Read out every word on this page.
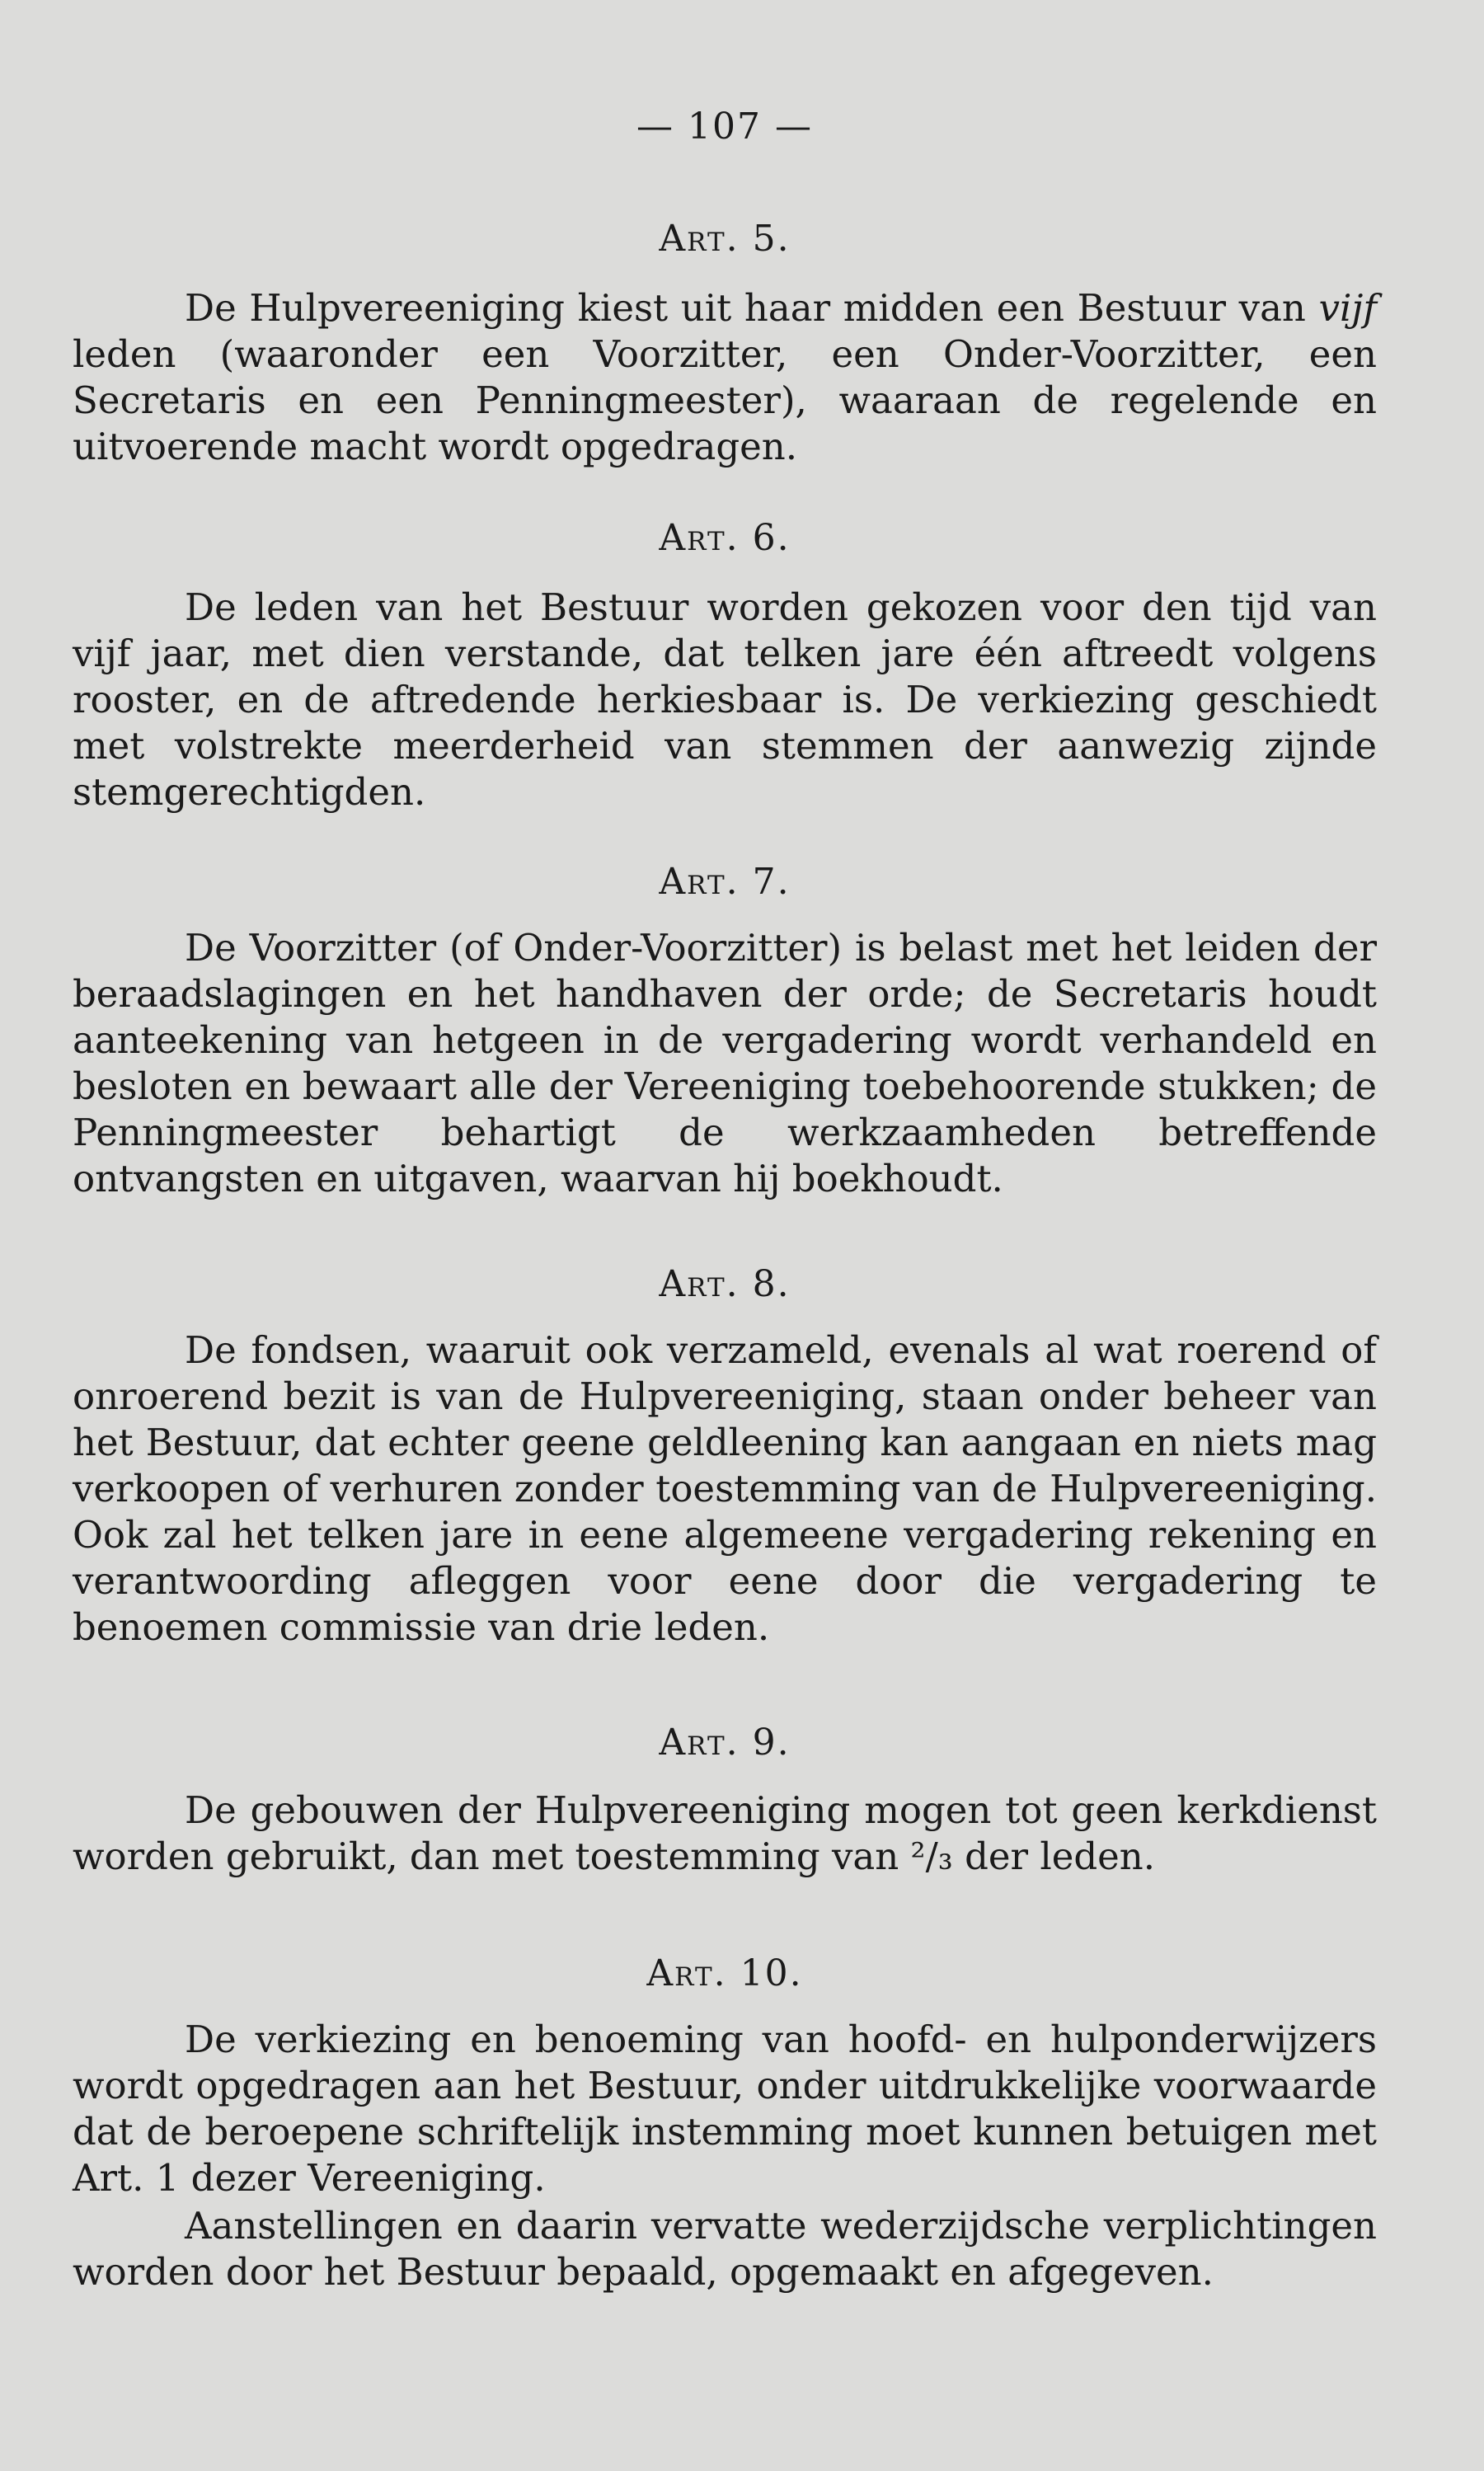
— 107 —

Art. 5.

De Hulpvereeniging kiest uit haar midden een Bestuur van vijf leden (waaronder een Voorzitter, een Onder-Voorzitter, een Secretaris en een Penningmeester), waaraan de regelende en uitvoerende macht wordt opgedragen.

Art. 6.

De leden van het Bestuur worden gekozen voor den tijd van vijf jaar, met dien verstande, dat telken jare één aftreedt volgens rooster, en de aftredende herkiesbaar is. De verkiezing geschiedt met volstrekte meerderheid van stemmen der aanwezig zijnde stemgerechtigden.

Art. 7.

De Voorzitter (of Onder-Voorzitter) is belast met het leiden der beraadslagingen en het handhaven der orde; de Secretaris houdt aanteekening van hetgeen in de vergadering wordt verhandeld en besloten en bewaart alle der Vereeniging toebehoorende stukken; de Penningmeester behartigt de werkzaamheden betreffende ontvangsten en uitgaven, waarvan hij boekhoudt.

Art. 8.

De fondsen, waaruit ook verzameld, evenals al wat roerend of onroerend bezit is van de Hulpvereeniging, staan onder beheer van het Bestuur, dat echter geene geldleening kan aangaan en niets mag verkoopen of verhuren zonder toestemming van de Hulpvereeniging. Ook zal het telken jare in eene algemeene vergadering rekening en verantwoording afleggen voor eene door die vergadering te benoemen commissie van drie leden.

Art. 9.

De gebouwen der Hulpvereeniging mogen tot geen kerkdienst worden gebruikt, dan met toestemming van ²/₃ der leden.

Art. 10.

De verkiezing en benoeming van hoofd- en hulponderwijzers wordt opgedragen aan het Bestuur, onder uitdrukkelijke voorwaarde dat de beroepene schriftelijk instemming moet kunnen betuigen met Art. 1 dezer Vereeniging.

Aanstellingen en daarin vervatte wederzijdsche verplichtingen worden door het Bestuur bepaald, opgemaakt en afgegeven.
